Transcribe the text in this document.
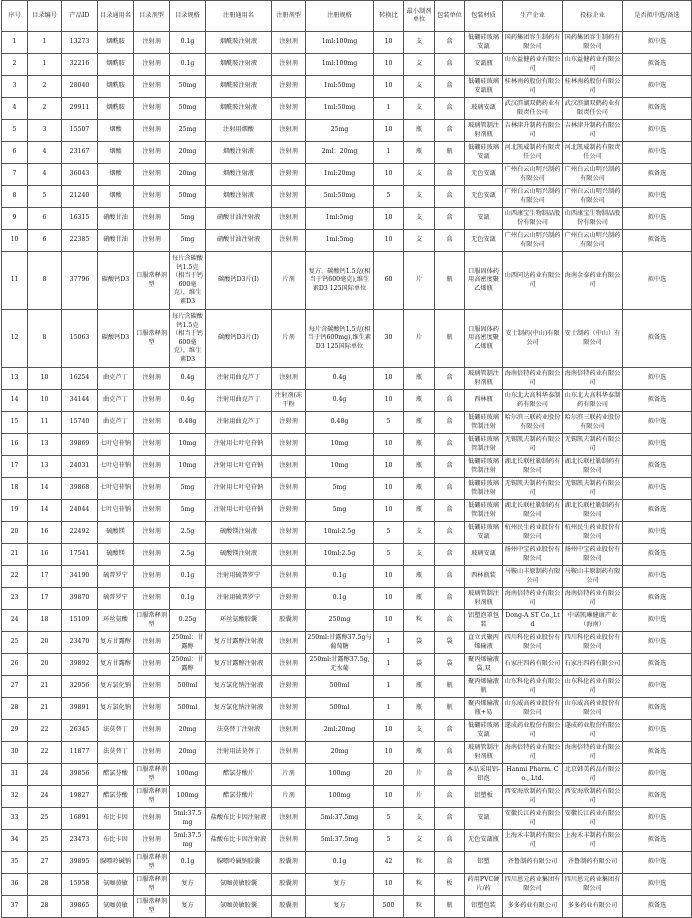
序号	目录编号	产品ID	目录通用名	目录剂型	目录规格	注册通用名	注册剂型	注册规格	转换比	最小制剂单位	包装单位	包装材质	生产企业	投标企业	是否拟中选/备选
1	1	13273	烟酰胺	注射剂	0.1g	烟酰胺注射液	注射剂	1ml:100mg	10	支	盒	低硼硅玻璃安瓿	国药集团容生制药有限公司	国药集团容生制药有限公司	拟中选
2	1	32216	烟酰胺	注射剂	0.1g	烟酰胺注射液	注射剂	1ml:100mg	10	支	盒	安瓿瓶	山东益健药业有限公司	山东益健药业有限公司	拟备选
3	2	28040	烟酰胺	注射剂	50mg	烟酰胺注射液	注射剂	1ml:50mg	10	支	盒	低硼硅玻璃安瓿瓶	桂林南药股份有限公司	桂林南药股份有限公司	拟中选
4	2	29911	烟酰胺	注射剂	50mg	烟酰胺注射液	注射剂	1ml:50mg	1	支	盒	玻璃安瓿	武汉滨湖双鹤药业有限责任公司	武汉滨湖双鹤药业有限责任公司	拟备选
5	3	15507	烟酸	注射剂	25mg	注射用烟酸	注射剂	25mg	10	瓶	盒	玻璃管制注射剂瓶	吉林津升制药有限公司	吉林津升制药有限公司	拟中选
6	4	23167	烟酸	注射剂	20mg	烟酸注射液	注射剂	2ml：20mg	1	瓶	瓶	低硼硅玻璃安瓿	河北凯威制药有限责任公司	河北凯威制药有限责任公司	拟中选
7	4	36043	烟酸	注射剂	20mg	烟酸注射液	注射剂	1ml:20mg	10	支	盒	无色安瓿	广州白云山明兴制药有限公司	广州白云山明兴制药有限公司	拟备选
8	5	21240	烟酸	注射剂	50mg	烟酸注射液	注射剂	5ml:50mg	5	支	盒	无色安瓿	广州白云山明兴制药有限公司	广州白云山明兴制药有限公司	拟中选
9	6	16315	硝酸甘油	注射剂	5mg	硝酸甘油注射液	注射剂	1ml:5mg	10	支	盒	安瓿	山西康宝生物制品股份有限公司	山西康宝生物制品股份有限公司	拟中选
10	6	22385	硝酸甘油	注射剂	5mg	硝酸甘油注射液	注射剂	1ml:5mg	10	支	盒	无色安瓿	广州白云山明兴制药有限公司	广州白云山明兴制药有限公司	拟备选
11	8	37796	碳酸钙D3	口服常释剂型	每片含碳酸钙1.5克（相当于钙600毫克），维生素D3	碳酸钙D3片(Ⅰ)	片剂	复方，碳酸钙1.5克(相当于钙600毫克),维生素D3 125国际单位	60	片	瓶	口服固体药用高密度聚乙烯瓶	山西同达药业有限公司	海南金泰药业有限公司	拟中选
12	8	15063	碳酸钙D3	口服常释剂型	每片含碳酸钙1.5克（相当于钙600毫克），维生素D3	碳酸钙D3片(Ⅰ)	片剂	每片含碳酸钙1.5克(相当于钙600mg),维生素D3 125国际单位	30	片	瓶	口服固体药用高密度聚乙烯瓶	安士制药(中山)有限公司	安士制药（中山）有限公司	拟备选
13	10	16254	曲克芦丁	注射剂	0.4g	注射用曲克芦丁	注射剂	0.4g	10	瓶	盒	玻璃管制注射剂瓶	海南倍特药业有限公司	海南倍特药业有限公司	拟中选
14	10	34144	曲克芦丁	注射剂	0.4g	注射用曲克芦丁	注射剂(冻干粉	0.4g	10	瓶	盒	西林瓶	山东北大高科华泰制药有限公司	山东北大高科华泰制药有限公司	拟备选
15	11	15740	曲克芦丁	注射剂	0.48g	注射用曲克芦丁	注射剂	0.48g	5	瓶	盒	低硼硅玻璃管制注射	哈尔滨三联药业股份有限公司	哈尔滨三联药业股份有限公司	拟中选
16	13	39869	七叶皂苷钠	注射剂	10mg	注射用七叶皂苷钠	注射剂	10mg	10	瓶	盒	低硼硅玻璃管制注射	无锡凯夫制药有限公司	无锡凯夫制药有限公司	拟中选
17	13	24031	七叶皂苷钠	注射剂	10mg	注射用七叶皂苷钠	注射剂	10mg	10	瓶	盒	低硼硅玻璃管制注射	湖北长联杜勒制药有限公司	湖北长联杜勒制药有限公司	拟备选
18	14	39868	七叶皂苷钠	注射剂	5mg	注射用七叶皂苷钠	注射剂	5mg	10	瓶	盒	低硼硅玻璃管制注射	无锡凯夫制药有限公司	无锡凯夫制药有限公司	拟中选
19	14	24044	七叶皂苷钠	注射剂	5mg	注射用七叶皂苷钠	注射剂	5mg	10	瓶	盒	低硼硅玻璃管制注射	湖北长联杜勒制药有限公司	湖北长联杜勒制药有限公司	拟备选
20	16	22492	硫酸镁	注射剂	2.5g	硫酸镁注射液	注射剂	10ml:2.5g	5	支	盒	低硼硅玻璃安瓿	杭州民生药业股份有限公司	杭州民生药业股份有限公司	拟中选
21	16	17541	硫酸镁	注射剂	2.5g	硫酸镁注射液	注射剂	10ml:2.5g	5	支	盒	玻璃安瓿	扬州中宝药业股份有限公司	扬州中宝药业股份有限公司	拟备选
22	17	34190	硫普罗宁	注射剂	0.1g	注射用硫普罗宁	注射剂	0.1g	10	瓶	盒	西林瓶装	马鞍山丰原制药有限公司	马鞍山丰原制药有限公司	拟中选
23	17	39870	硫普罗宁	注射剂	0.1g	注射用硫普罗宁	注射剂	0.1g	10	瓶	盒	玻璃管制注射剂瓶	海南倍特药业有限公司	海南倍特药业有限公司	拟备选
24	18	15109	环丝氨酸	口服常释剂型	0.25g	环丝氨酸胶囊	胶囊剂	250mg	10	粒	盒	铝塑泡罩包装	Dong-A ST Co.,Ltd	中诺凯琳健康产业（海南）	拟中选
25	20	23470	复方甘露醇	注射剂	250ml：甘露醇	复方甘露醇注射液	注射剂	250ml:甘露醇37.5g与葡萄糖	1	袋	袋	直立式聚丙烯输液	四川科伦药业股份有限公司	四川科伦药业股份有限公司	拟中选
26	20	39892	复方甘露醇	注射剂	250ml：甘露醇	复方甘露醇注射液	注射剂	250ml:甘露醇37.5g,无水葡	1	袋	袋	聚丙烯输液袋,双	石家庄四药有限公司	石家庄四药有限公司	拟备选
27	21	32956	复方氯化钠	注射剂	500ml	复方氯化钠注射液	注射剂	500ml	1	瓶	瓶	聚丙烯输液瓶	山东科伦药业有限公司	山东科伦药业有限公司	拟中选
28	21	39891	复方氯化钠	注射剂	500ml	复方氯化钠注射液	注射剂	500ml	1	瓶	瓶	聚丙烯输液瓶+易	山东威高药业股份有限公司	山东威高药业股份有限公司	拟备选
29	22	26345	法莫替丁	注射剂	20mg	法莫替丁注射液	注射剂	2ml:20mg	10	支	盒	低硼硅玻璃安瓿	遂成药业股份有限公司	遂成药业股份有限公司	拟中选
30	22	11877	法莫替丁	注射剂	20mg	注射用法莫替丁	注射剂	20mg	10	瓶	盒	玻璃管制注射剂瓶	海南倍特药业有限公司	海南倍特药业有限公司	拟备选
31	24	39856	醋氯芬酸	口服常释剂型	100mg	醋氯芬酸片	片剂	100mg	20	片	盒	本品采用铝-铝泡	Hanmi Pharm. Co., Ltd.	北京韩美药品有限公司	拟中选
32	24	19827	醋氯芬酸	口服常释剂型	100mg	醋氯芬酸片	片剂	100mg	10	片	盒	铝塑板	西安海欣制药有限公司	西安海欣制药有限公司	拟备选
33	25	16891	布比卡因	注射剂	5ml:37.5mg	盐酸布比卡因注射液	注射剂	5ml:37.5mg	5	支	盒	安瓿	安徽长江药业有限公司	安徽长江药业有限公司	拟中选
34	25	23473	布比卡因	注射剂	5ml:37.5mg	盐酸布比卡因注射液	注射剂	5ml:37.5mg	5	支	盒	无色安瓿瓶	上海禾丰制药有限公司	上海禾丰制药有限公司	拟备选
35	27	39895	腺嘌呤碱钠	口服常释剂型	0.1g	腺嘌呤碱钠胶囊	胶囊剂	0.1g	42	粒	盒	铝塑	齐鲁制药有限公司	齐鲁制药有限公司	拟中选
36	28	15958	氨咖黄敏	口服常释剂型	复方	氨咖黄敏胶囊	胶囊剂	复方	10	粒	板	药用PVC硬片/药	四川恩元药业集团有限公司	四川恩元药业集团有限公司	拟中选
37	28	39865	氨咖黄敏	口服常释剂型	复方	氨咖黄敏胶囊	胶囊剂	复方	500	粒	瓶	铝塑包装	多多药业有限公司	多多药业有限公司	拟备选
